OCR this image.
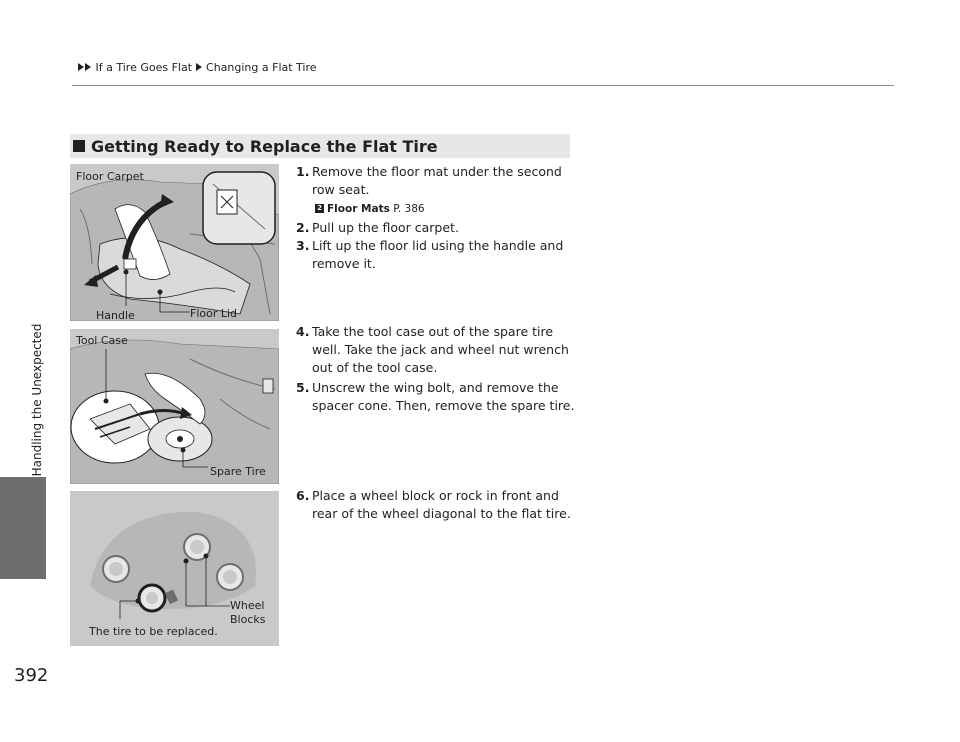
If a Tire Goes Flat Changing a Flat Tire
Handling the Unexpected
392
Getting Ready to Replace the Flat Tire
Floor Carpet
Handle	Floor Lid
Tool Case
Spare Tire
Wheel
Blocks
The tire to be replaced.
1. Remove the floor mat under the second row seat.
2 Floor Mats P. 386
2. Pull up the floor carpet.
3. Lift up the floor lid using the handle and remove it.
4. Take the tool case out of the spare tire well. Take the jack and wheel nut wrench out of the tool case.
5. Unscrew the wing bolt, and remove the spacer cone. Then, remove the spare tire.
6. Place a wheel block or rock in front and rear of the wheel diagonal to the flat tire.
